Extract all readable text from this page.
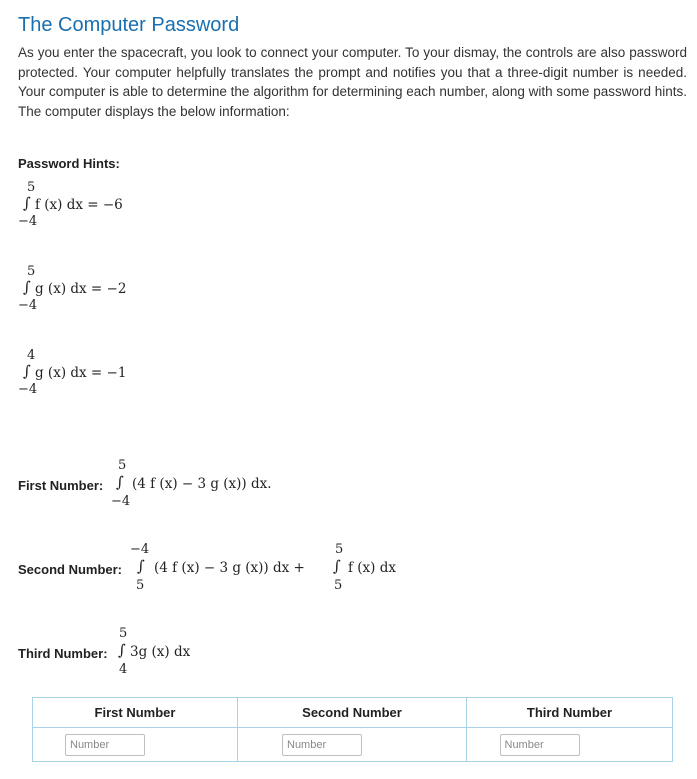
The Computer Password

As you enter the spacecraft, you look to connect your computer. To your dismay, the controls are also password protected. Your computer helpfully translates the prompt and notifies you that a three-digit number is needed. Your computer is able to determine the algorithm for determining each number, along with some password hints. The computer displays the below information:

Password Hints:
5
∫ f (x) dx = −6
−4
5
∫ g (x) dx = −2
−4
4
∫ g (x) dx = −1
−4
First Number:
5
∫ (4 f (x) − 3 g (x)) dx.
−4
Second Number:
−4
∫ (4 f (x) − 3 g (x)) dx +
5
5
∫ f (x) dx
5
Third Number:
5
∫ 3g (x) dx
4
First Number	Second Number	Third Number
Number	Number	Number
